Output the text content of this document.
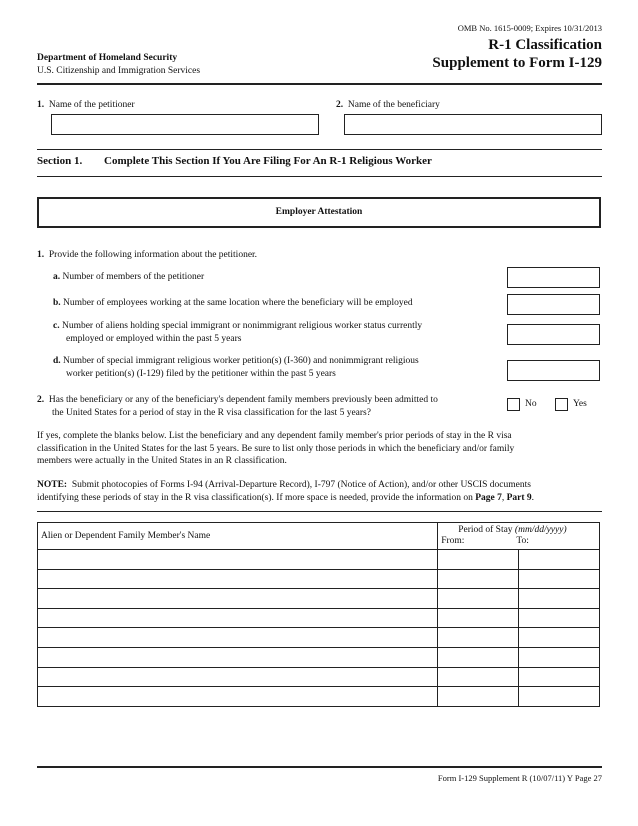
OMB No. 1615-0009; Expires 10/31/2013
R-1 Classification
Supplement to Form I-129
Department of Homeland Security
U.S. Citizenship and Immigration Services
1. Name of the petitioner	2. Name of the beneficiary
Section 1. Complete This Section If You Are Filing For An R-1 Religious Worker
Employer Attestation
1. Provide the following information about the petitioner.
a. Number of members of the petitioner
b. Number of employees working at the same location where the beneficiary will be employed
c. Number of aliens holding special immigrant or nonimmigrant religious worker status currently
employed or employed within the past 5 years
d. Number of special immigrant religious worker petition(s) (I-360) and nonimmigrant religious
worker petition(s) (I-129) filed by the petitioner within the past 5 years
2. Has the beneficiary or any of the beneficiary's dependent family members previously been admitted to
the United States for a period of stay in the R visa classification for the last 5 years?
No	Yes
If yes, complete the blanks below. List the beneficiary and any dependent family member's prior periods of stay in the R visa
classification in the United States for the last 5 years. Be sure to list only those periods in which the beneficiary and/or family
members were actually in the United States in an R classification.
NOTE: Submit photocopies of Forms I-94 (Arrival-Departure Record), I-797 (Notice of Action), and/or other USCIS documents
identifying these periods of stay in the R visa classification(s). If more space is needed, provide the information on Page 7, Part 9.
Alien or Dependent Family Member's Name	Period of Stay (mm/dd/yyyy)
From: To:	

Form I-129 Supplement R (10/07/11) Y Page 27
